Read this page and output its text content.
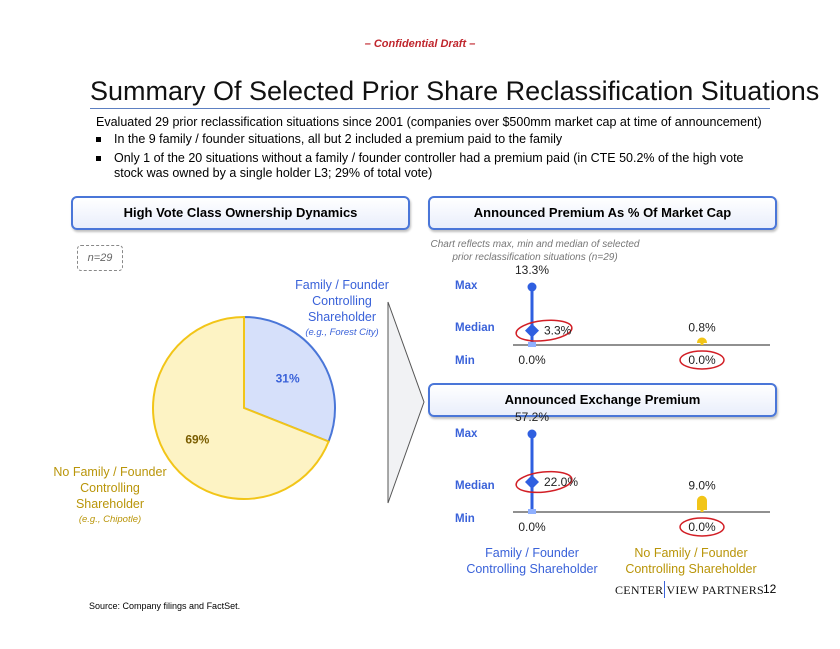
– Confidential Draft –
Summary Of Selected Prior Share Reclassification Situations
Evaluated 29 prior reclassification situations since 2001 (companies over $500mm market cap at time of announcement)
In the 9 family / founder situations, all but 2 included a premium paid to the family
Only 1 of the 20 situations without a family / founder controller had a premium paid (in CTE 50.2% of the high vote stock was owned by a single holder L3; 29% of total vote)
High Vote Class Ownership Dynamics
n=29
31%
69%
Family / Founder Controlling Shareholder
(e.g., Forest City)
No Family / Founder Controlling Shareholder
(e.g., Chipotle)
Announced Premium As % Of Market Cap
Chart reflects max, min and median of selected prior reclassification situations (n=29)
Announced Exchange Premium
Max
Median
Min
Max
Median
Min
13.3%
3.3%
0.0%
0.8%
0.0%
57.2%
22.0%
0.0%
9.0%
0.0%
Family / Founder Controlling Shareholder
No Family / Founder Controlling Shareholder
Source: Company filings and FactSet.
12
CENTER VIEW PARTNERS
